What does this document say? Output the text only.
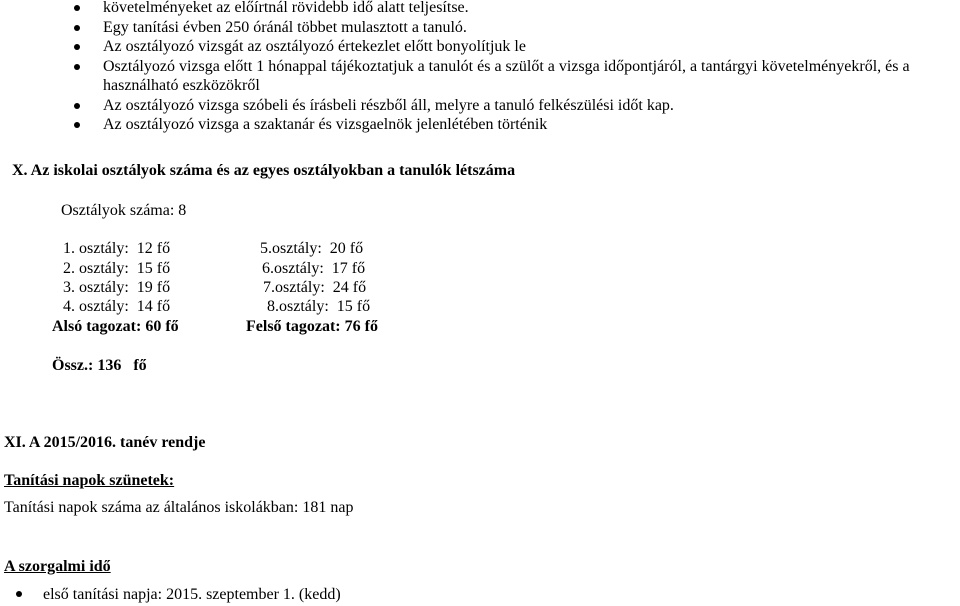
követelményeket az előírtnál rövidebb idő alatt teljesítse.
Egy tanítási évben 250 óránál többet mulasztott a tanuló.
Az osztályozó vizsgát az osztályozó értekezlet előtt bonyolítjuk le
Osztályozó vizsga előtt 1 hónappal tájékoztatjuk a tanulót és a szülőt a vizsga időpontjáról, a tantárgyi követelményekről, és a használható eszközökről
Az osztályozó vizsga szóbeli és írásbeli részből áll, melyre a tanuló felkészülési időt kap.
Az osztályozó vizsga a szaktanár és vizsgaelnök jelenlétében történik
X. Az iskolai osztályok száma és az egyes osztályokban a tanulók létszáma
Osztályok száma: 8
1. osztály: 12 fő
2. osztály: 15 fő
3. osztály: 19 fő
4. osztály: 14 fő
5.osztály: 20 fő
6.osztály: 17 fő
7.osztály: 24 fő
8.osztály: 15 fő
Alsó tagozat: 60 fő	Felső tagozat: 76 fő
Össz.: 136   fő
XI. A 2015/2016. tanév rendje
Tanítási napok szünetek:
Tanítási napok száma az általános iskolákban: 181 nap
A szorgalmi idő
első tanítási napja: 2015. szeptember 1. (kedd)
